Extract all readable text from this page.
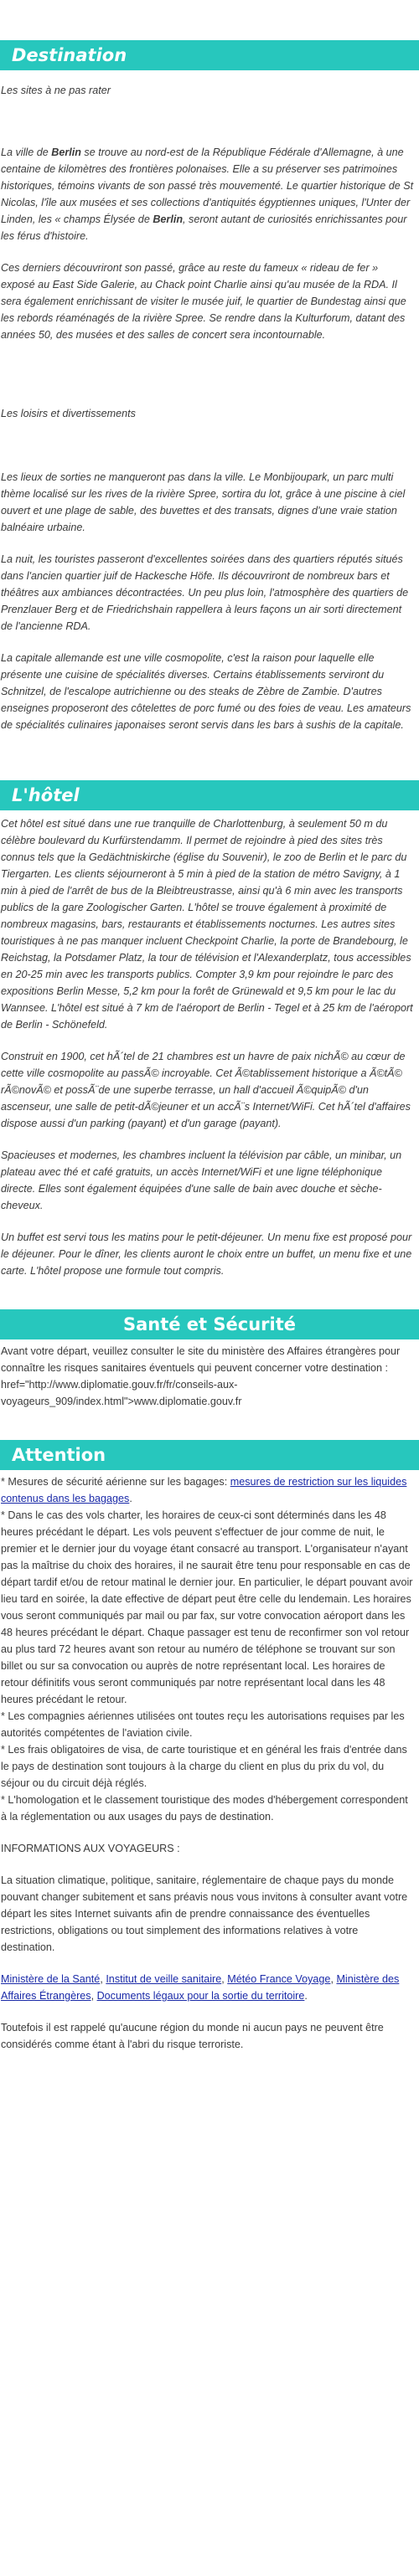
Destination

Les sites à ne pas rater

La ville de Berlin se trouve au nord-est de la République Fédérale d'Allemagne, à une centaine de kilomètres des frontières polonaises. Elle a su préserver ses patrimoines historiques, témoins vivants de son passé très mouvementé. Le quartier historique de St Nicolas, l'île aux musées et ses collections d'antiquités égyptiennes uniques, l'Unter der Linden, les « champs Élysée de Berlin, seront autant de curiosités enrichissantes pour les férus d'histoire.

Ces derniers découvriront son passé, grâce au reste du fameux « rideau de fer » exposé au East Side Galerie, au Chack point Charlie ainsi qu'au musée de la RDA. Il sera également enrichissant de visiter le musée juif, le quartier de Bundestag ainsi que les rebords réaménagés de la rivière Spree. Se rendre dans la Kulturforum, datant des années 50, des musées et des salles de concert sera incontournable.

Les loisirs et divertissements

Les lieux de sorties ne manqueront pas dans la ville. Le Monbijoupark, un parc multi thème localisé sur les rives de la rivière Spree, sortira du lot, grâce à une piscine à ciel ouvert et une plage de sable, des buvettes et des transats, dignes d'une vraie station balnéaire urbaine.

La nuit, les touristes passeront d'excellentes soirées dans des quartiers réputés situés dans l'ancien quartier juif de Hackesche Höfe. Ils découvriront de nombreux bars et théâtres aux ambiances décontractées. Un peu plus loin, l'atmosphère des quartiers de Prenzlauer Berg et de Friedrichshain rappellera à leurs façons un air sorti directement de l'ancienne RDA.

La capitale allemande est une ville cosmopolite, c'est la raison pour laquelle elle présente une cuisine de spécialités diverses. Certains établissements serviront du Schnitzel, de l'escalope autrichienne ou des steaks de Zèbre de Zambie. D'autres enseignes proposeront des côtelettes de porc fumé ou des foies de veau. Les amateurs de spécialités culinaires japonaises seront servis dans les bars à sushis de la capitale.

L'hôtel

Cet hôtel est situé dans une rue tranquille de Charlottenburg, à seulement 50 m du célèbre boulevard du Kurfürstendamm. Il permet de rejoindre à pied des sites très connus tels que la Gedächtniskirche (église du Souvenir), le zoo de Berlin et le parc du Tiergarten. Les clients séjourneront à 5 min à pied de la station de métro Savigny, à 1 min à pied de l'arrêt de bus de la Bleibtreustrasse, ainsi qu'à 6 min avec les transports publics de la gare Zoologischer Garten. L'hôtel se trouve également à proximité de nombreux magasins, bars, restaurants et établissements nocturnes. Les autres sites touristiques à ne pas manquer incluent Checkpoint Charlie, la porte de Brandebourg, le Reichstag, la Potsdamer Platz, la tour de télévision et l'Alexanderplatz, tous accessibles en 20-25 min avec les transports publics. Compter 3,9 km pour rejoindre le parc des expositions Berlin Messe, 5,2 km pour la forêt de Grünewald et 9,5 km pour le lac du Wannsee. L'hôtel est situé à 7 km de l'aéroport de Berlin - Tegel et à 25 km de l'aéroport de Berlin - Schönefeld.

Construit en 1900, cet hÃ´tel de 21 chambres est un havre de paix nichÃ© au cœur de cette ville cosmopolite au passÃ© incroyable. Cet Ã©tablissement historique a Ã©tÃ© rÃ©novÃ© et possÃ¨de une superbe terrasse, un hall d'accueil Ã©quipÃ© d'un ascenseur, une salle de petit-dÃ©jeuner et un accÃ¨s Internet/WiFi. Cet hÃ´tel d'affaires dispose aussi d'un parking (payant) et d'un garage (payant).

Spacieuses et modernes, les chambres incluent la télévision par câble, un minibar, un plateau avec thé et café gratuits, un accès Internet/WiFi et une ligne téléphonique directe. Elles sont également équipées d'une salle de bain avec douche et sèche-cheveux.

Un buffet est servi tous les matins pour le petit-déjeuner. Un menu fixe est proposé pour le déjeuner. Pour le dîner, les clients auront le choix entre un buffet, un menu fixe et une carte. L'hôtel propose une formule tout compris.

Santé et Sécurité

Avant votre départ, veuillez consulter le site du ministère des Affaires étrangères pour connaître les risques sanitaires éventuels qui peuvent concerner votre destination : href="http://www.diplomatie.gouv.fr/fr/conseils-aux-voyageurs_909/index.html">www.diplomatie.gouv.fr

Attention

* Mesures de sécurité aérienne sur les bagages: mesures de restriction sur les liquides contenus dans les bagages.

* Dans le cas des vols charter, les horaires de ceux-ci sont déterminés dans les 48 heures précédant le départ. Les vols peuvent s'effectuer de jour comme de nuit, le premier et le dernier jour du voyage étant consacré au transport. L'organisateur n'ayant pas la maîtrise du choix des horaires, il ne saurait être tenu pour responsable en cas de départ tardif et/ou de retour matinal le dernier jour. En particulier, le départ pouvant avoir lieu tard en soirée, la date effective de départ peut être celle du lendemain. Les horaires vous seront communiqués par mail ou par fax, sur votre convocation aéroport dans les 48 heures précédant le départ. Chaque passager est tenu de reconfirmer son vol retour au plus tard 72 heures avant son retour au numéro de téléphone se trouvant sur son billet ou sur sa convocation ou auprès de notre représentant local. Les horaires de retour définitifs vous seront communiqués par notre représentant local dans les 48 heures précédant le retour.

* Les compagnies aériennes utilisées ont toutes reçu les autorisations requises par les autorités compétentes de l'aviation civile.

* Les frais obligatoires de visa, de carte touristique et en général les frais d'entrée dans le pays de destination sont toujours à la charge du client en plus du prix du vol, du séjour ou du circuit déjà réglés.

* L'homologation et le classement touristique des modes d'hébergement correspondent à la réglementation ou aux usages du pays de destination.

INFORMATIONS AUX VOYAGEURS :

La situation climatique, politique, sanitaire, réglementaire de chaque pays du monde pouvant changer subitement et sans préavis nous vous invitons à consulter avant votre départ les sites Internet suivants afin de prendre connaissance des éventuelles restrictions, obligations ou tout simplement des informations relatives à votre destination.

Ministère de la Santé, Institut de veille sanitaire, Météo France Voyage, Ministère des Affaires Étrangères, Documents légaux pour la sortie du territoire.

Toutefois il est rappelé qu'aucune région du monde ni aucun pays ne peuvent être considérés comme étant à l'abri du risque terroriste.
